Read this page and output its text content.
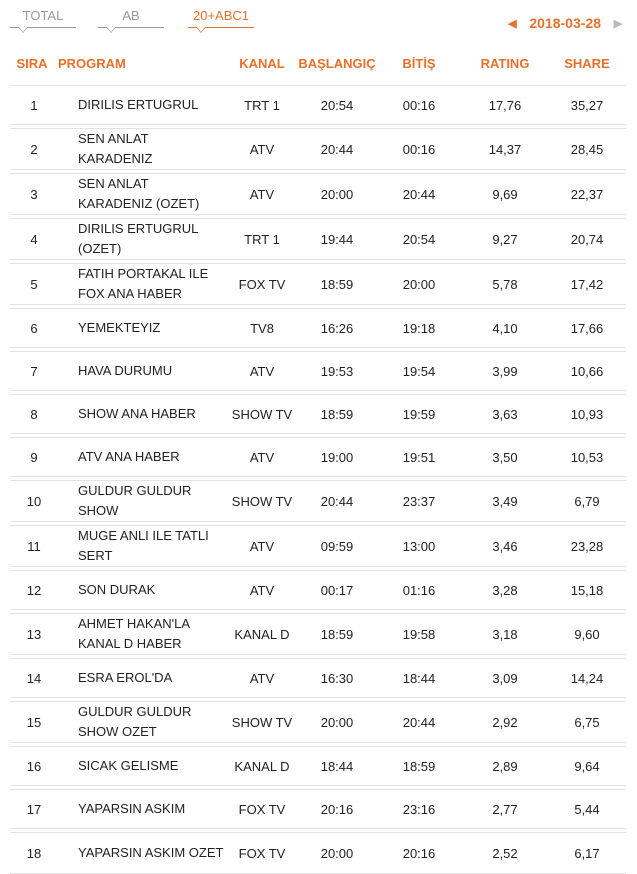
TOTAL	AB	20+ABC1
◀ 2018-03-28	▶
SIRA	PROGRAM	KANAL	BAŞLANGIÇ	BİTİŞ	RATING	SHARE

1	DIRILIS ERTUGRUL	TRT 1	20:54	00:16	17,76	35,27

2	SEN ANLAT KARADENIZ	ATV	20:44	00:16	14,37	28,45

3	SEN ANLAT KARADENIZ (OZET)	ATV	20:00	20:44	9,69	22,37

4	DIRILIS ERTUGRUL (OZET)	TRT 1	19:44	20:54	9,27	20,74

5	FATIH PORTAKAL ILE FOX ANA HABER	FOX TV	18:59	20:00	5,78	17,42

6	YEMEKTEYIZ	TV8	16:26	19:18	4,10	17,66

7	HAVA DURUMU	ATV	19:53	19:54	3,99	10,66

8	SHOW ANA HABER	SHOW TV	18:59	19:59	3,63	10,93

9	ATV ANA HABER	ATV	19:00	19:51	3,50	10,53

10	GULDUR GULDUR SHOW	SHOW TV	20:44	23:37	3,49	6,79

11	MUGE ANLI ILE TATLI SERT	ATV	09:59	13:00	3,46	23,28

12	SON DURAK	ATV	00:17	01:16	3,28	15,18

13	AHMET HAKAN'LA KANAL D HABER	KANAL D	18:59	19:58	3,18	9,60

14	ESRA EROL'DA	ATV	16:30	18:44	3,09	14,24

15	GULDUR GULDUR SHOW OZET	SHOW TV	20:00	20:44	2,92	6,75

16	SICAK GELISME	KANAL D	18:44	18:59	2,89	9,64

17	YAPARSIN ASKIM	FOX TV	20:16	23:16	2,77	5,44

18	YAPARSIN ASKIM OZET	FOX TV	20:00	20:16	2,52	6,17
